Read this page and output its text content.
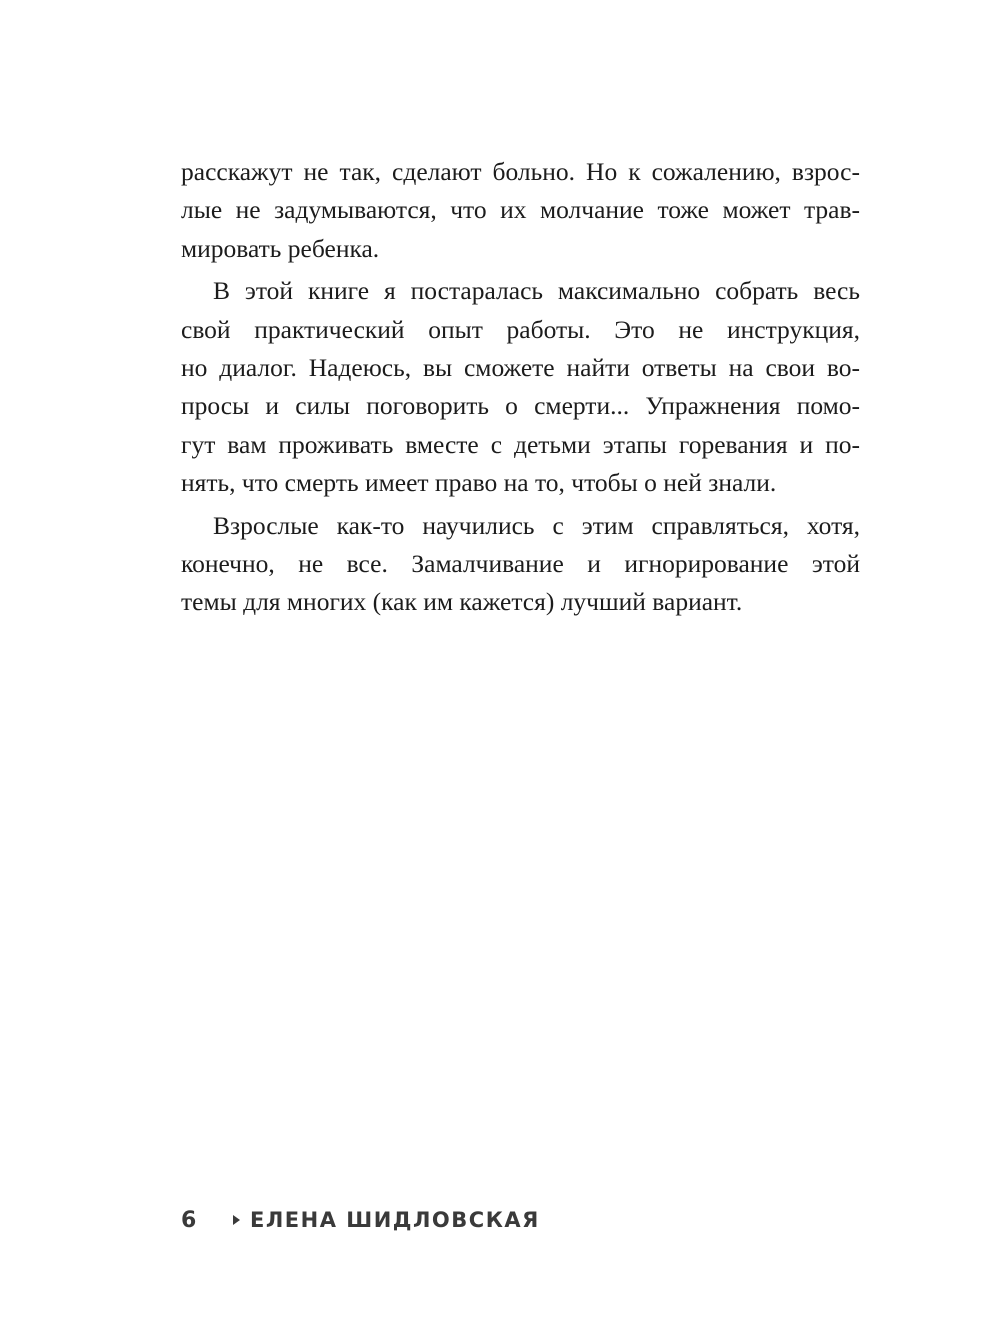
расскажут не так, сделают больно. Но к сожалению, взрос-
лые не задумываются, что их молчание тоже может трав-
мировать ребенка.
В этой книге я постаралась максимально собрать весь
свой практический опыт работы. Это не инструкция,
но диалог. Надеюсь, вы сможете найти ответы на свои во-
просы и силы поговорить о смерти... Упражнения помо-
гут вам проживать вместе с детьми этапы горевания и по-
нять, что смерть имеет право на то, чтобы о ней знали.
Взрослые как-то научились с этим справляться, хотя,
конечно, не все. Замалчивание и игнорирование этой
темы для многих (как им кажется) лучший вариант.
6	ЕЛЕНА ШИДЛОВСКАЯ
